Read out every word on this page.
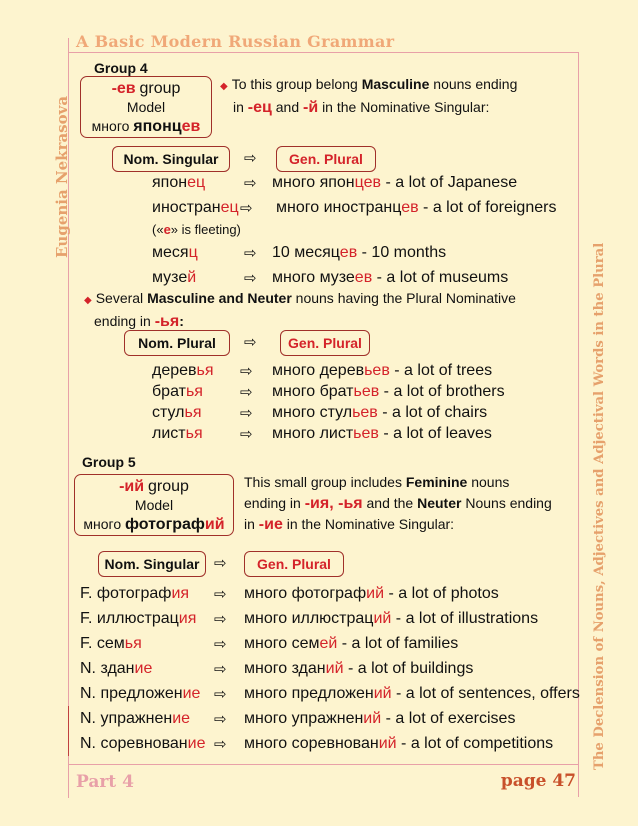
A Basic Modern Russian Grammar
Eugenia Nekrasova
The Declension of Nouns, Adjectives and Adjectival Words in the Plural
Part 4	page 47
Group 4
-ев group
Model
много японцев
◆ To this group belong Masculine nouns ending
in -ец and -й in the Nominative Singular:
Nom. Singular	⇨	Gen. Plural
японец	⇨ много японцев - a lot of Japanese
иностранец ⇨ много иностранцев - a lot of foreigners
месяц	⇨ 10 месяцев - 10 months
музей	⇨ много музеев - a lot of museums
(«е» is fleeting)
◆ Several Masculine and Neuter nouns having the Plural Nominative
ending in -ья:
Nom. Plural	⇨	Gen. Plural
деревья ⇨ много деревьев - a lot of trees
братья ⇨ много братьев - a lot of brothers
стулья	⇨ много стульев - a lot of chairs
листья ⇨ много листьев - a lot of leaves
Group 5
-ий group
Model
много фотографий
This small group includes Feminine nouns
ending in -ия, -ья and the Neuter Nouns ending
in -ие in the Nominative Singular:
Nom. Singular ⇨	Gen. Plural
F. фотография ⇨ много фотографий - a lot of photos
F. иллюстрация ⇨ много иллюстраций - a lot of illustrations
F. семья	⇨ много семей - a lot of families
N. здание	⇨ много зданий - a lot of buildings
N. предложение ⇨ много предложений - a lot of sentences, offers
N. упражнение ⇨ много упражнений - a lot of exercises
N. соревнование ⇨ много соревнований - a lot of competitions
